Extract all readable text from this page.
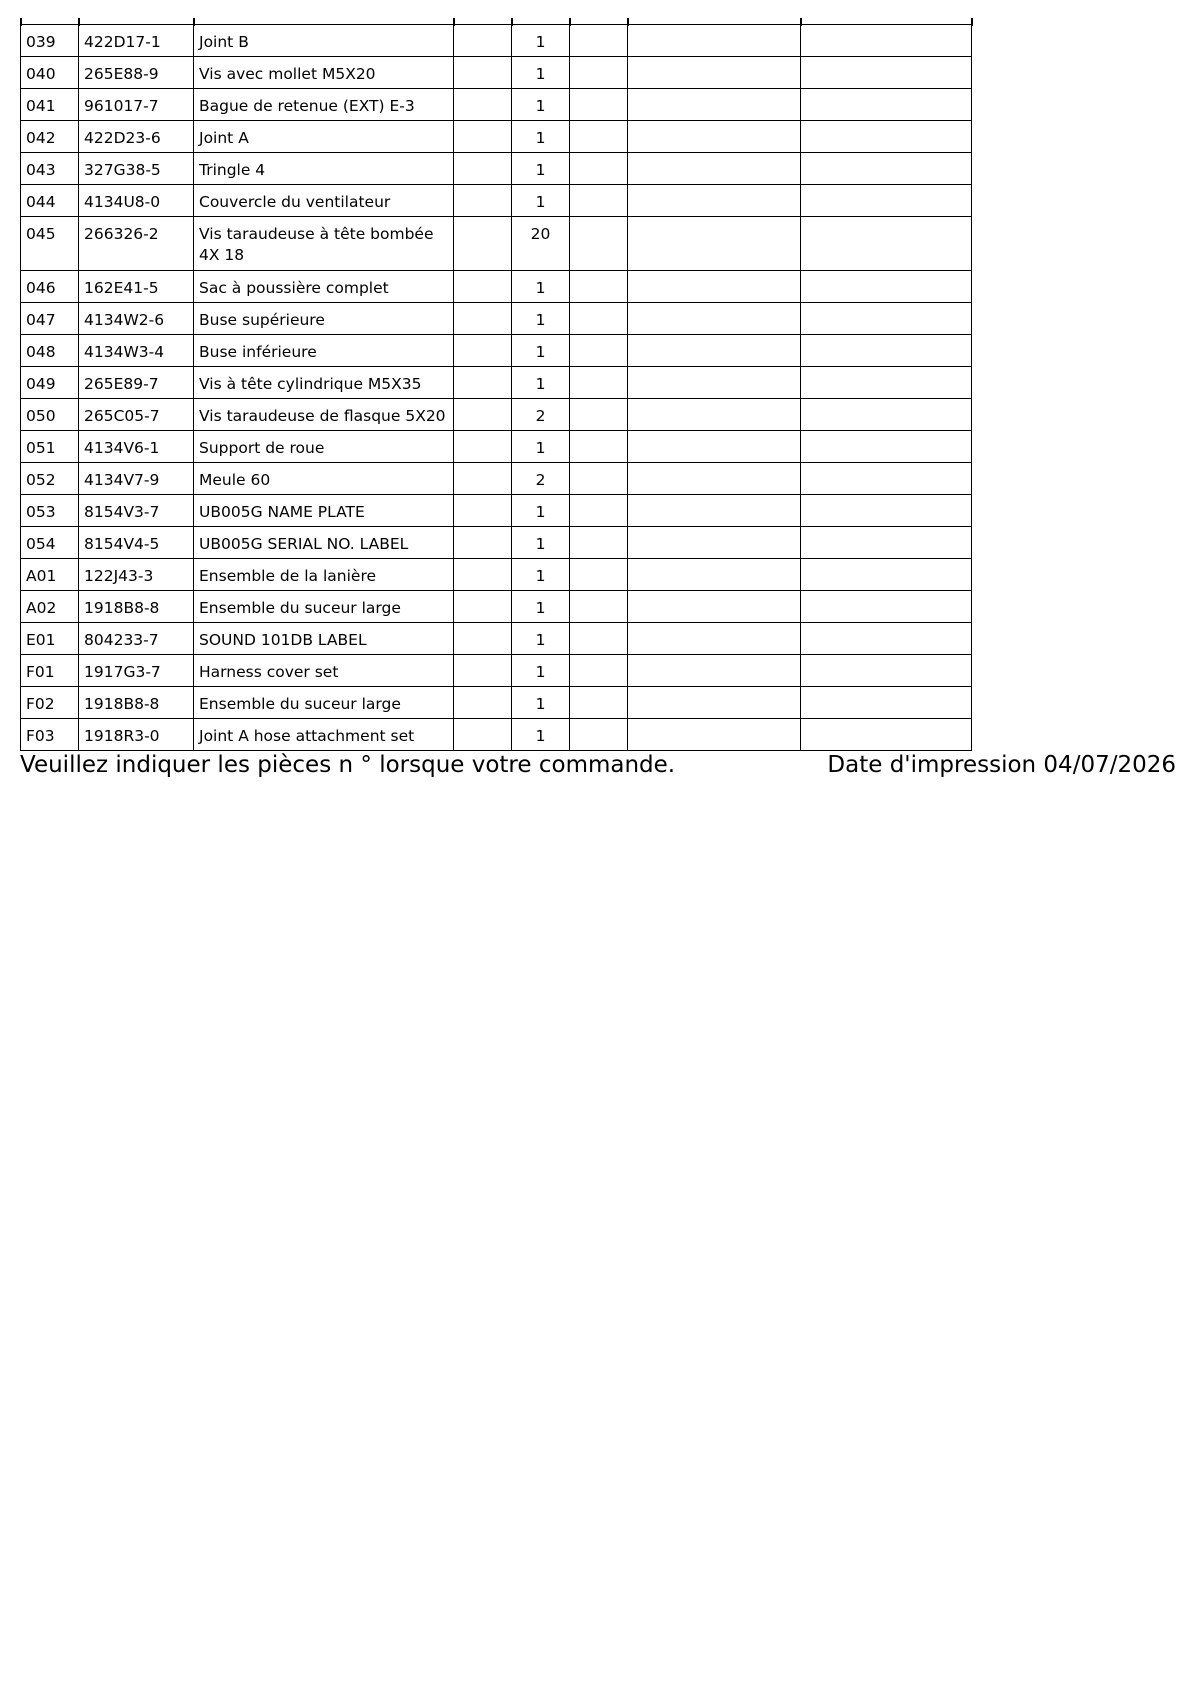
039	422D17-1	Joint B		1			
040	265E88-9	Vis avec mollet M5X20		1			
041	961017-7	Bague de retenue (EXT) E-3		1			
042	422D23-6	Joint A		1			
043	327G38-5	Tringle 4		1			
044	4134U8-0	Couvercle du ventilateur		1			
045	266326-2	Vis taraudeuse à tête bombée 4X 18		20			
046	162E41-5	Sac à poussière complet		1			
047	4134W2-6	Buse supérieure		1			
048	4134W3-4	Buse inférieure		1			
049	265E89-7	Vis à tête cylindrique M5X35		1			
050	265C05-7	Vis taraudeuse de flasque 5X20		2			
051	4134V6-1	Support de roue		1			
052	4134V7-9	Meule 60		2			
053	8154V3-7	UB005G NAME PLATE		1			
054	8154V4-5	UB005G SERIAL NO. LABEL		1			
A01	122J43-3	Ensemble de la lanière		1			
A02	1918B8-8	Ensemble du suceur large		1			
E01	804233-7	SOUND 101DB LABEL		1			
F01	1917G3-7	Harness cover set		1			
F02	1918B8-8	Ensemble du suceur large		1			
F03	1918R3-0	Joint A hose attachment set		1			
Veuillez indiquer les pièces n ° lorsque votre commande.	Date d'impression 04/07/2026
